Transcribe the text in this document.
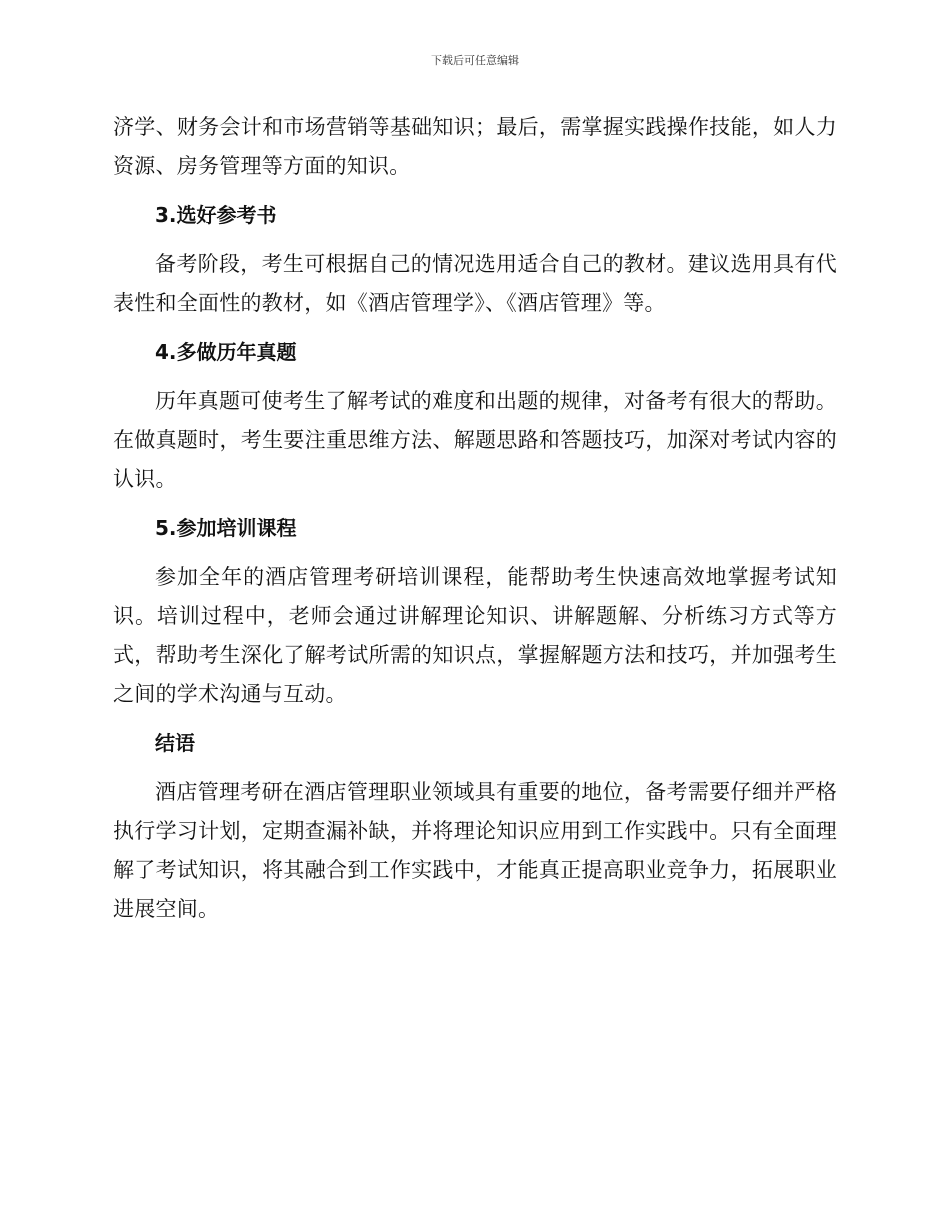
下载后可任意编辑

济学、财务会计和市场营销等基础知识；最后，需掌握实践操作技能，如人力资源、房务管理等方面的知识。

3.选好参考书

备考阶段，考生可根据自己的情况选用适合自己的教材。建议选用具有代表性和全面性的教材，如《酒店管理学》、《酒店管理》等。

4.多做历年真题

历年真题可使考生了解考试的难度和出题的规律，对备考有很大的帮助。在做真题时，考生要注重思维方法、解题思路和答题技巧，加深对考试内容的认识。

5.参加培训课程

参加全年的酒店管理考研培训课程，能帮助考生快速高效地掌握考试知识。培训过程中，老师会通过讲解理论知识、讲解题解、分析练习方式等方式，帮助考生深化了解考试所需的知识点，掌握解题方法和技巧，并加强考生之间的学术沟通与互动。

结语

酒店管理考研在酒店管理职业领域具有重要的地位，备考需要仔细并严格执行学习计划，定期查漏补缺，并将理论知识应用到工作实践中。只有全面理解了考试知识，将其融合到工作实践中，才能真正提高职业竞争力，拓展职业进展空间。
